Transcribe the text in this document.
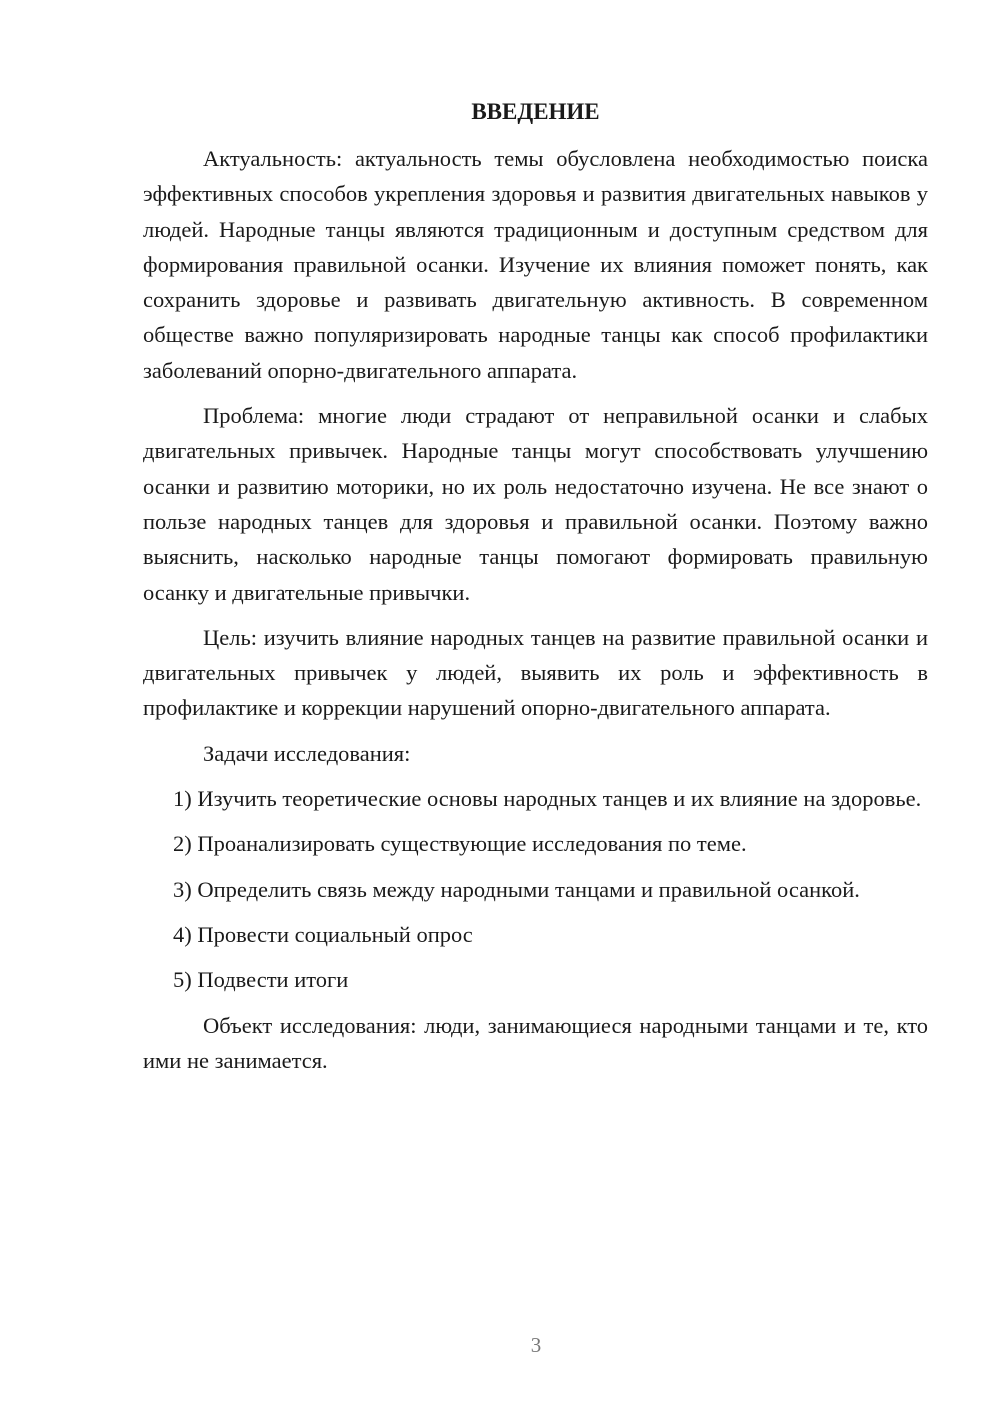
ВВЕДЕНИЕ

Актуальность: актуальность темы обусловлена необходимостью поиска эффективных способов укрепления здоровья и развития двигательных навыков у людей. Народные танцы являются традиционным и доступным средством для формирования правильной осанки. Изучение их влияния поможет понять, как сохранить здоровье и развивать двигательную активность. В современном обществе важно популяризировать народные танцы как способ профилактики заболеваний опорно-двигательного аппарата.

Проблема: многие люди страдают от неправильной осанки и слабых двигательных привычек. Народные танцы могут способствовать улучшению осанки и развитию моторики, но их роль недостаточно изучена. Не все знают о пользе народных танцев для здоровья и правильной осанки. Поэтому важно выяснить, насколько народные танцы помогают формировать правильную осанку и двигательные привычки.

Цель: изучить влияние народных танцев на развитие правильной осанки и двигательных привычек у людей, выявить их роль и эффективность в профилактике и коррекции нарушений опорно-двигательного аппарата.

Задачи исследования:

1) Изучить теоретические основы народных танцев и их влияние на здоровье.

2) Проанализировать существующие исследования по теме.

3) Определить связь между народными танцами и правильной осанкой.

4) Провести социальный опрос

5) Подвести итоги

Объект исследования: люди, занимающиеся народными танцами и те, кто ими не занимается.

3
